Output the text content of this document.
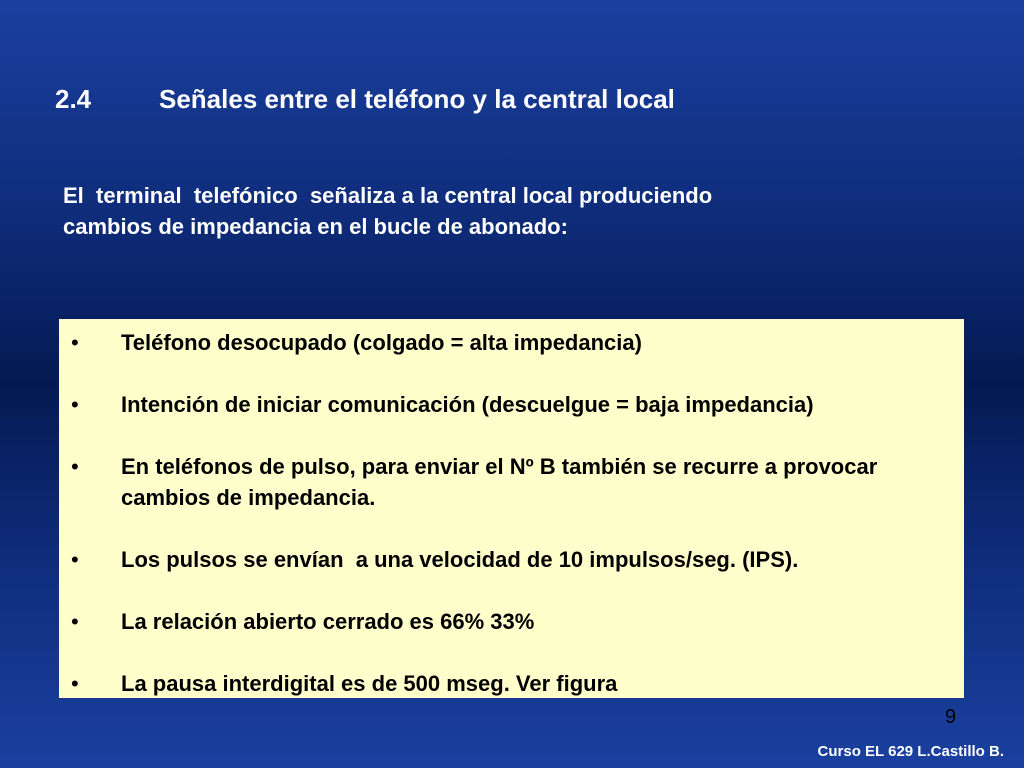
2.4	Señales entre el teléfono y la central local
El  terminal  telefónico  señaliza a la central local produciendo
cambios de impedancia en el bucle de abonado:
• Teléfono desocupado (colgado = alta impedancia)
• Intención de iniciar comunicación (descuelgue = baja impedancia)
• En teléfonos de pulso, para enviar el Nº B también se recurre a provocar cambios de impedancia.
• Los pulsos se envían  a una velocidad de 10 impulsos/seg. (IPS).
• La relación abierto cerrado es 66% 33%
• La pausa interdigital es de 500 mseg. Ver figura
9
Curso EL 629 L.Castillo B.
